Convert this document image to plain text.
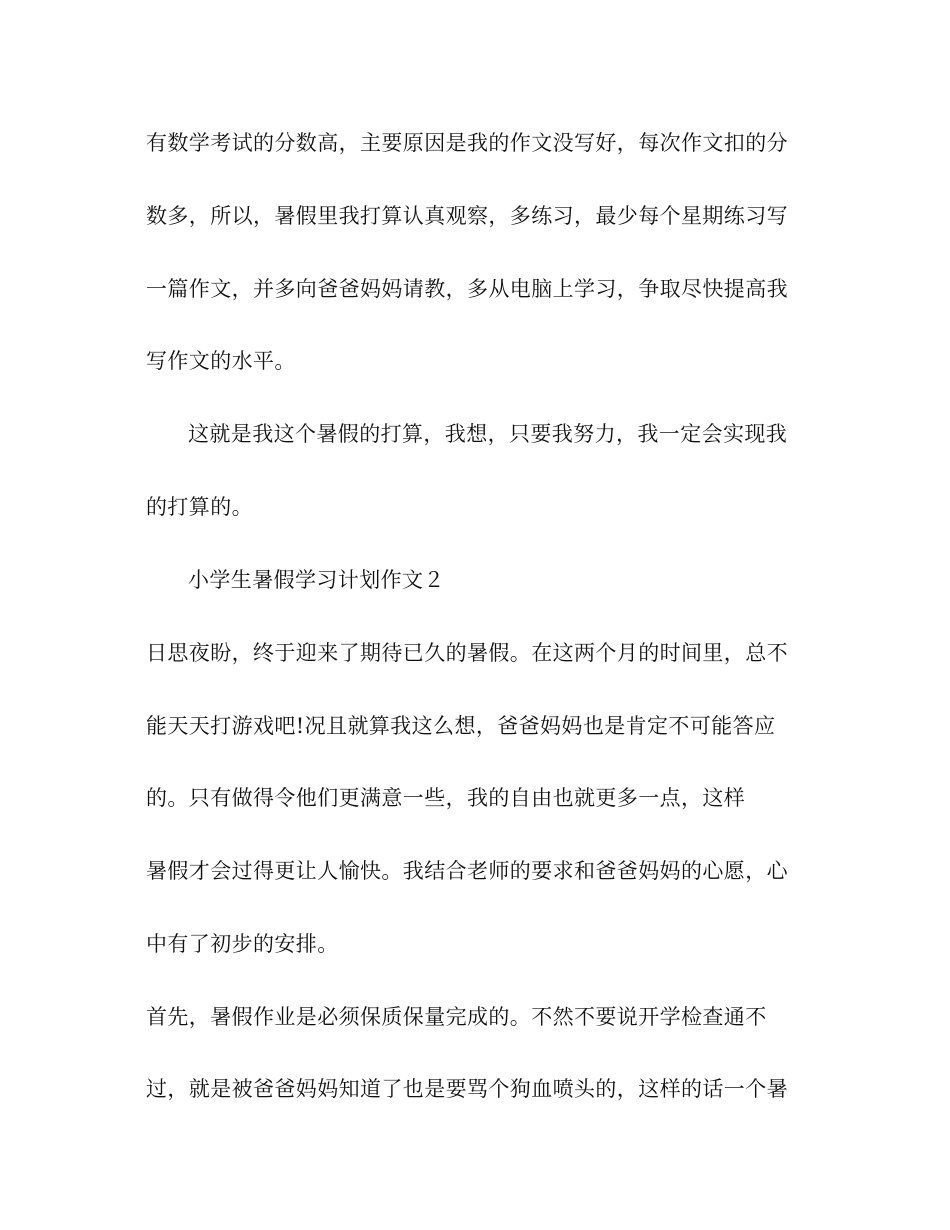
有数学考试的分数高，主要原因是我的作文没写好，每次作文扣的分
数多，所以，暑假里我打算认真观察，多练习，最少每个星期练习写
一篇作文，并多向爸爸妈妈请教，多从电脑上学习，争取尽快提高我
写作文的水平。
这就是我这个暑假的打算，我想，只要我努力，我一定会实现我
的打算的。
小学生暑假学习计划作文２
日思夜盼，终于迎来了期待已久的暑假。在这两个月的时间里，总不
能天天打游戏吧!况且就算我这么想，爸爸妈妈也是肯定不可能答应
的。只有做得令他们更满意一些，我的自由也就更多一点，这样
暑假才会过得更让人愉快。我结合老师的要求和爸爸妈妈的心愿，心
中有了初步的安排。
首先，暑假作业是必须保质保量完成的。不然不要说开学检查通不
过，就是被爸爸妈妈知道了也是要骂个狗血喷头的，这样的话一个暑
